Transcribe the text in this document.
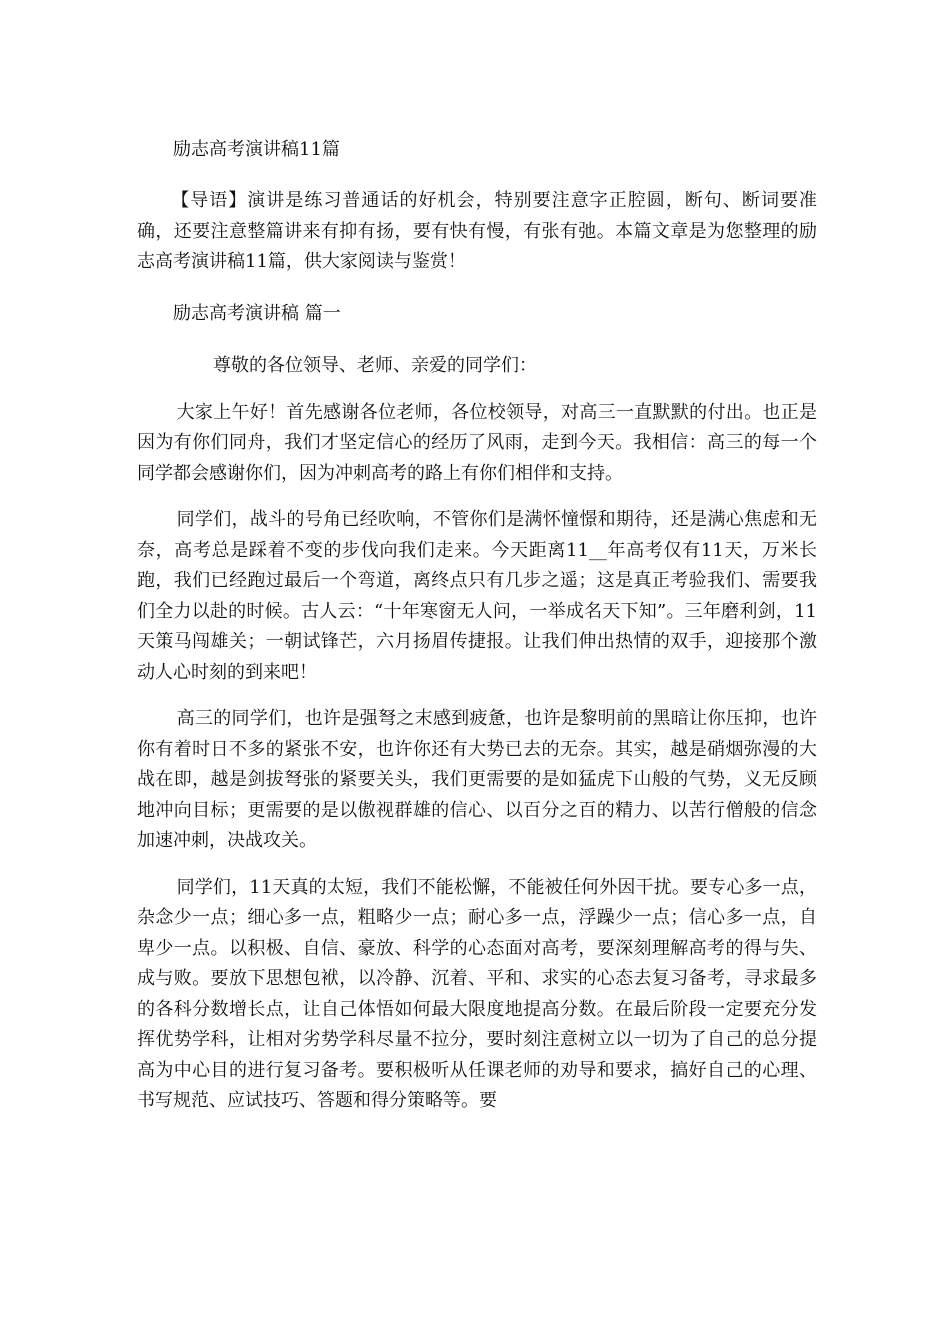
励志高考演讲稿11篇

【导语】演讲是练习普通话的好机会，特别要注意字正腔圆，断句、断词要准确，还要注意整篇讲来有抑有扬，要有快有慢，有张有弛。本篇文章是为您整理的励志高考演讲稿11篇，供大家阅读与鉴赏！

励志高考演讲稿 篇一

尊敬的各位领导、老师、亲爱的同学们：

大家上午好！首先感谢各位老师，各位校领导，对高三一直默默的付出。也正是因为有你们同舟，我们才坚定信心的经历了风雨，走到今天。我相信：高三的每一个同学都会感谢你们，因为冲刺高考的路上有你们相伴和支持。

同学们，战斗的号角已经吹响，不管你们是满怀憧憬和期待，还是满心焦虑和无奈，高考总是踩着不变的步伐向我们走来。今天距离11__年高考仅有11天，万米长跑，我们已经跑过最后一个弯道，离终点只有几步之遥；这是真正考验我们、需要我们全力以赴的时候。古人云：“十年寒窗无人问，一举成名天下知”。三年磨利剑，11天策马闯雄关；一朝试锋芒，六月扬眉传捷报。让我们伸出热情的双手，迎接那个激动人心时刻的到来吧！

高三的同学们，也许是强弩之末感到疲惫，也许是黎明前的黑暗让你压抑，也许你有着时日不多的紧张不安，也许你还有大势已去的无奈。其实，越是硝烟弥漫的大战在即，越是剑拔弩张的紧要关头，我们更需要的是如猛虎下山般的气势，义无反顾地冲向目标；更需要的是以傲视群雄的信心、以百分之百的精力、以苦行僧般的信念加速冲刺，决战攻关。

同学们，11天真的太短，我们不能松懈，不能被任何外因干扰。要专心多一点，杂念少一点；细心多一点，粗略少一点；耐心多一点，浮躁少一点；信心多一点，自卑少一点。以积极、自信、豪放、科学的心态面对高考，要深刻理解高考的得与失、成与败。要放下思想包袱，以冷静、沉着、平和、求实的心态去复习备考，寻求最多的各科分数增长点，让自己体悟如何最大限度地提高分数。在最后阶段一定要充分发挥优势学科，让相对劣势学科尽量不拉分，要时刻注意树立以一切为了自己的总分提高为中心目的进行复习备考。要积极听从任课老师的劝导和要求，搞好自己的心理、书写规范、应试技巧、答题和得分策略等。要
